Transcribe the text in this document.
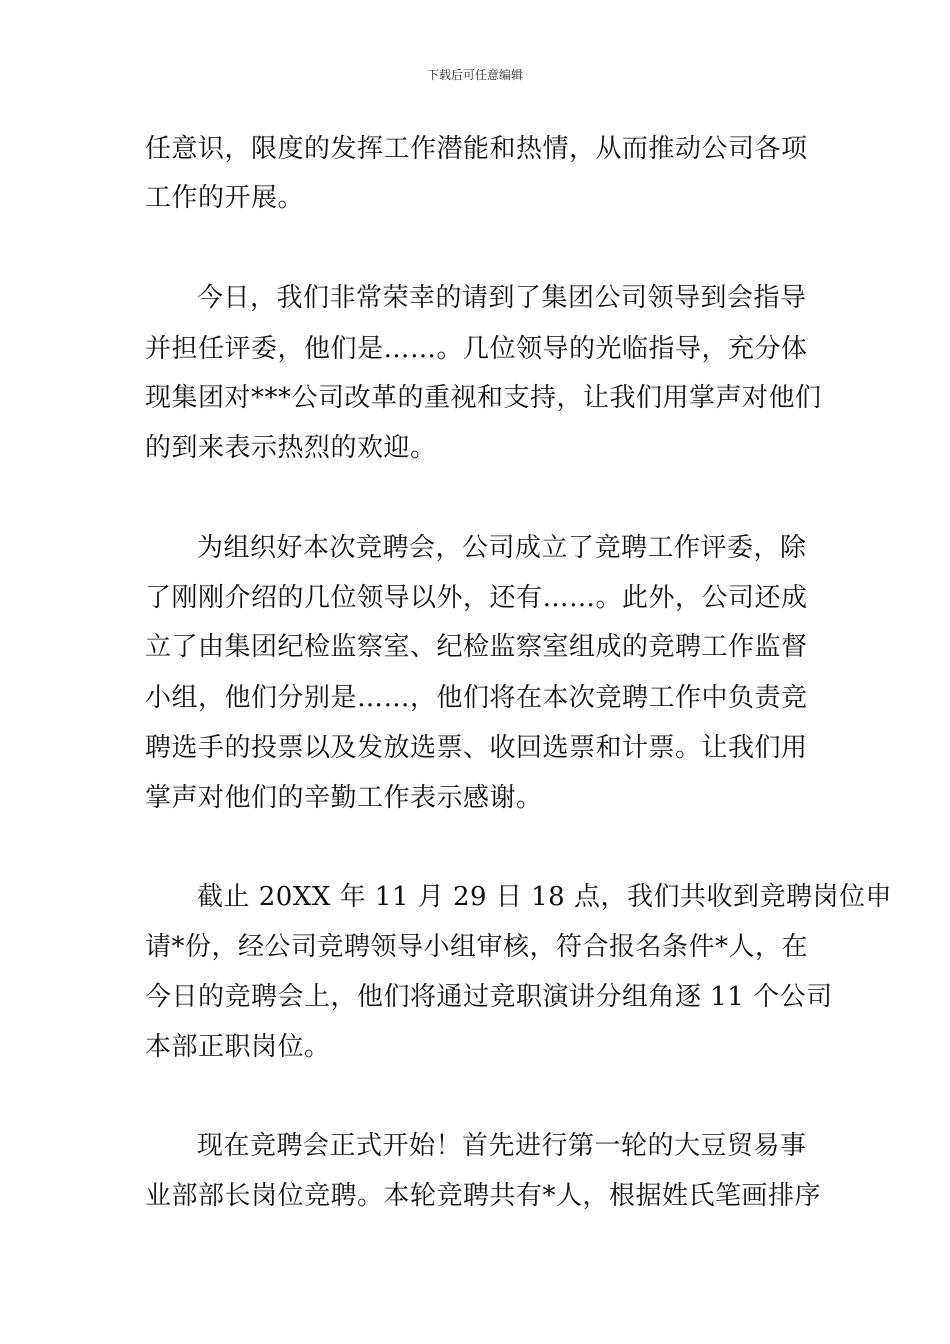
下载后可任意编辑
任意识，限度的发挥工作潜能和热情，从而推动公司各项
工作的开展。
今日，我们非常荣幸的请到了集团公司领导到会指导
并担任评委，他们是……。几位领导的光临指导，充分体
现集团对***公司改革的重视和支持，让我们用掌声对他们
的到来表示热烈的欢迎。
为组织好本次竞聘会，公司成立了竞聘工作评委，除
了刚刚介绍的几位领导以外，还有……。此外，公司还成
立了由集团纪检监察室、纪检监察室组成的竞聘工作监督
小组，他们分别是……，他们将在本次竞聘工作中负责竞
聘选手的投票以及发放选票、收回选票和计票。让我们用
掌声对他们的辛勤工作表示感谢。
截止 20XX 年 11 月 29 日 18 点，我们共收到竞聘岗位申
请*份，经公司竞聘领导小组审核，符合报名条件*人，在
今日的竞聘会上，他们将通过竞职演讲分组角逐 11 个公司
本部正职岗位。
现在竞聘会正式开始！首先进行第一轮的大豆贸易事
业部部长岗位竞聘。本轮竞聘共有*人，根据姓氏笔画排序
